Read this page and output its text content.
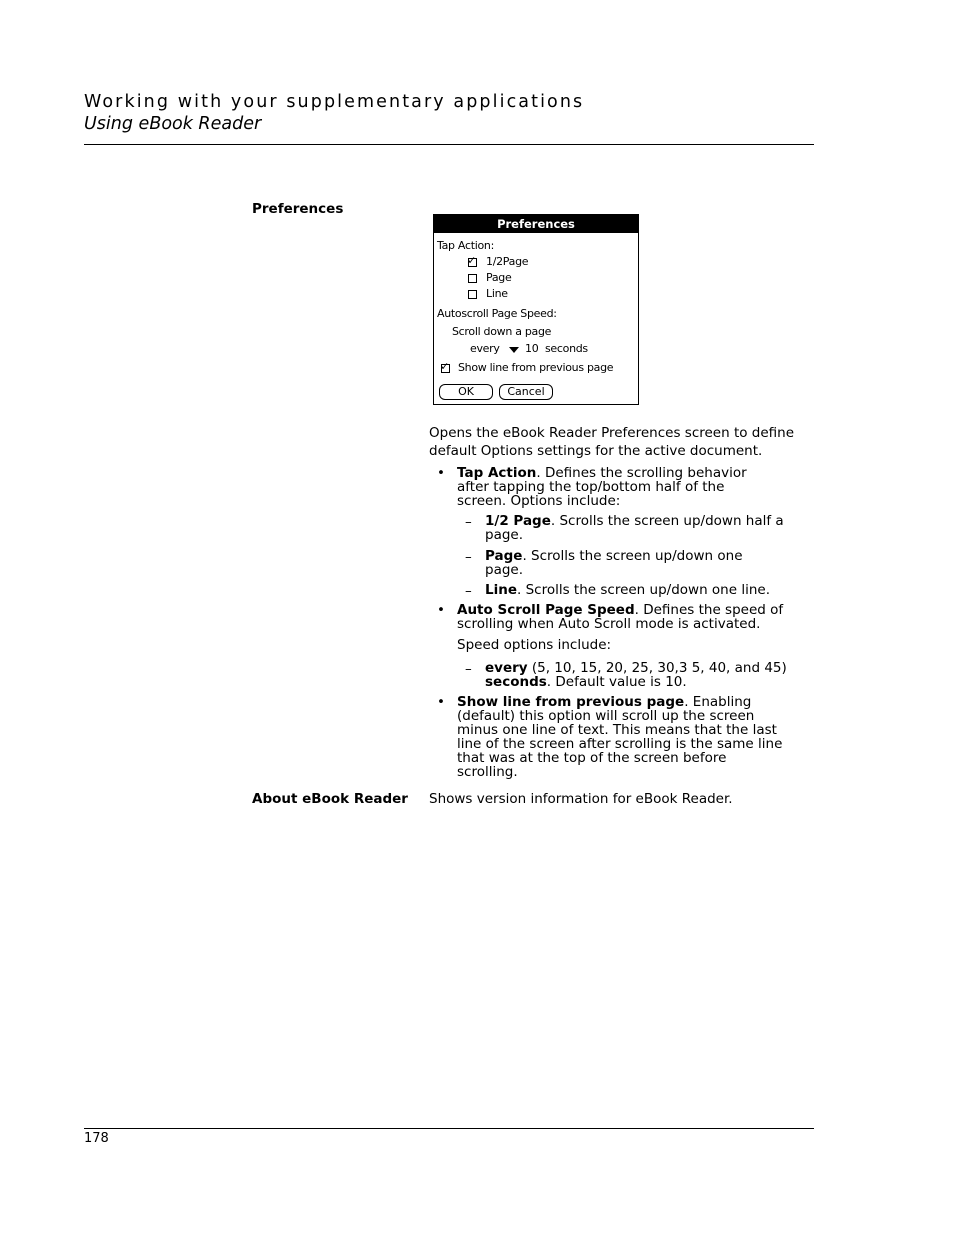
Working with your supplementary applications
Using eBook Reader
Preferences
Preferences
Tap Action:
✓ 1/2Page
Page
Line
Autoscroll Page Speed:
Scroll down a page
every 10 seconds
✓ Show line from previous page
OK	Cancel
Opens the eBook Reader Preferences screen to define
default Options settings for the active document.
• Tap Action. Defines the scrolling behavior
after tapping the top/bottom half of the
screen. Options include:
– 1/2 Page. Scrolls the screen up/down half a
page.
– Page. Scrolls the screen up/down one
page.
– Line. Scrolls the screen up/down one line.
• Auto Scroll Page Speed. Defines the speed of
scrolling when Auto Scroll mode is activated.
Speed options include:
– every (5, 10, 15, 20, 25, 30,3 5, 40, and 45)
seconds. Default value is 10.
• Show line from previous page. Enabling
(default) this option will scroll up the screen
minus one line of text. This means that the last
line of the screen after scrolling is the same line
that was at the top of the screen before
scrolling.
About eBook Reader Shows version information for eBook Reader.
178
